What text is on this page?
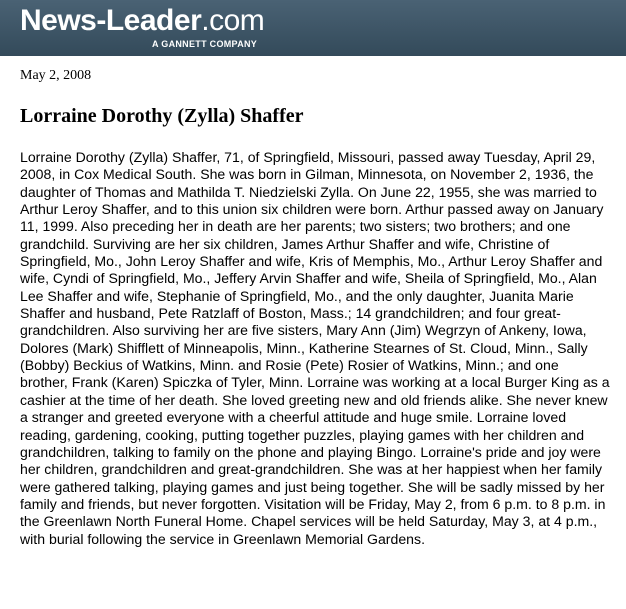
News-Leader.com
A GANNETT COMPANY
May 2, 2008
Lorraine Dorothy (Zylla) Shaffer

Lorraine Dorothy (Zylla) Shaffer, 71, of Springfield, Missouri, passed away Tuesday, April 29, 2008, in Cox Medical South. She was born in Gilman, Minnesota, on November 2, 1936, the daughter of Thomas and Mathilda T. Niedzielski Zylla. On June 22, 1955, she was married to Arthur Leroy Shaffer, and to this union six children were born. Arthur passed away on January 11, 1999. Also preceding her in death are her parents; two sisters; two brothers; and one grandchild. Surviving are her six children, James Arthur Shaffer and wife, Christine of Springfield, Mo., John Leroy Shaffer and wife, Kris of Memphis, Mo., Arthur Leroy Shaffer and wife, Cyndi of Springfield, Mo., Jeffery Arvin Shaffer and wife, Sheila of Springfield, Mo., Alan Lee Shaffer and wife, Stephanie of Springfield, Mo., and the only daughter, Juanita Marie Shaffer and husband, Pete Ratzlaff of Boston, Mass.; 14 grandchildren; and four great-grandchildren. Also surviving her are five sisters, Mary Ann (Jim) Wegrzyn of Ankeny, Iowa, Dolores (Mark) Shifflett of Minneapolis, Minn., Katherine Stearnes of St. Cloud, Minn., Sally (Bobby) Beckius of Watkins, Minn. and Rosie (Pete) Rosier of Watkins, Minn.; and one brother, Frank (Karen) Spiczka of Tyler, Minn. Lorraine was working at a local Burger King as a cashier at the time of her death. She loved greeting new and old friends alike. She never knew a stranger and greeted everyone with a cheerful attitude and huge smile. Lorraine loved reading, gardening, cooking, putting together puzzles, playing games with her children and grandchildren, talking to family on the phone and playing Bingo. Lorraine's pride and joy were her children, grandchildren and great-grandchildren. She was at her happiest when her family were gathered talking, playing games and just being together. She will be sadly missed by her family and friends, but never forgotten. Visitation will be Friday, May 2, from 6 p.m. to 8 p.m. in the Greenlawn North Funeral Home. Chapel services will be held Saturday, May 3, at 4 p.m., with burial following the service in Greenlawn Memorial Gardens.
